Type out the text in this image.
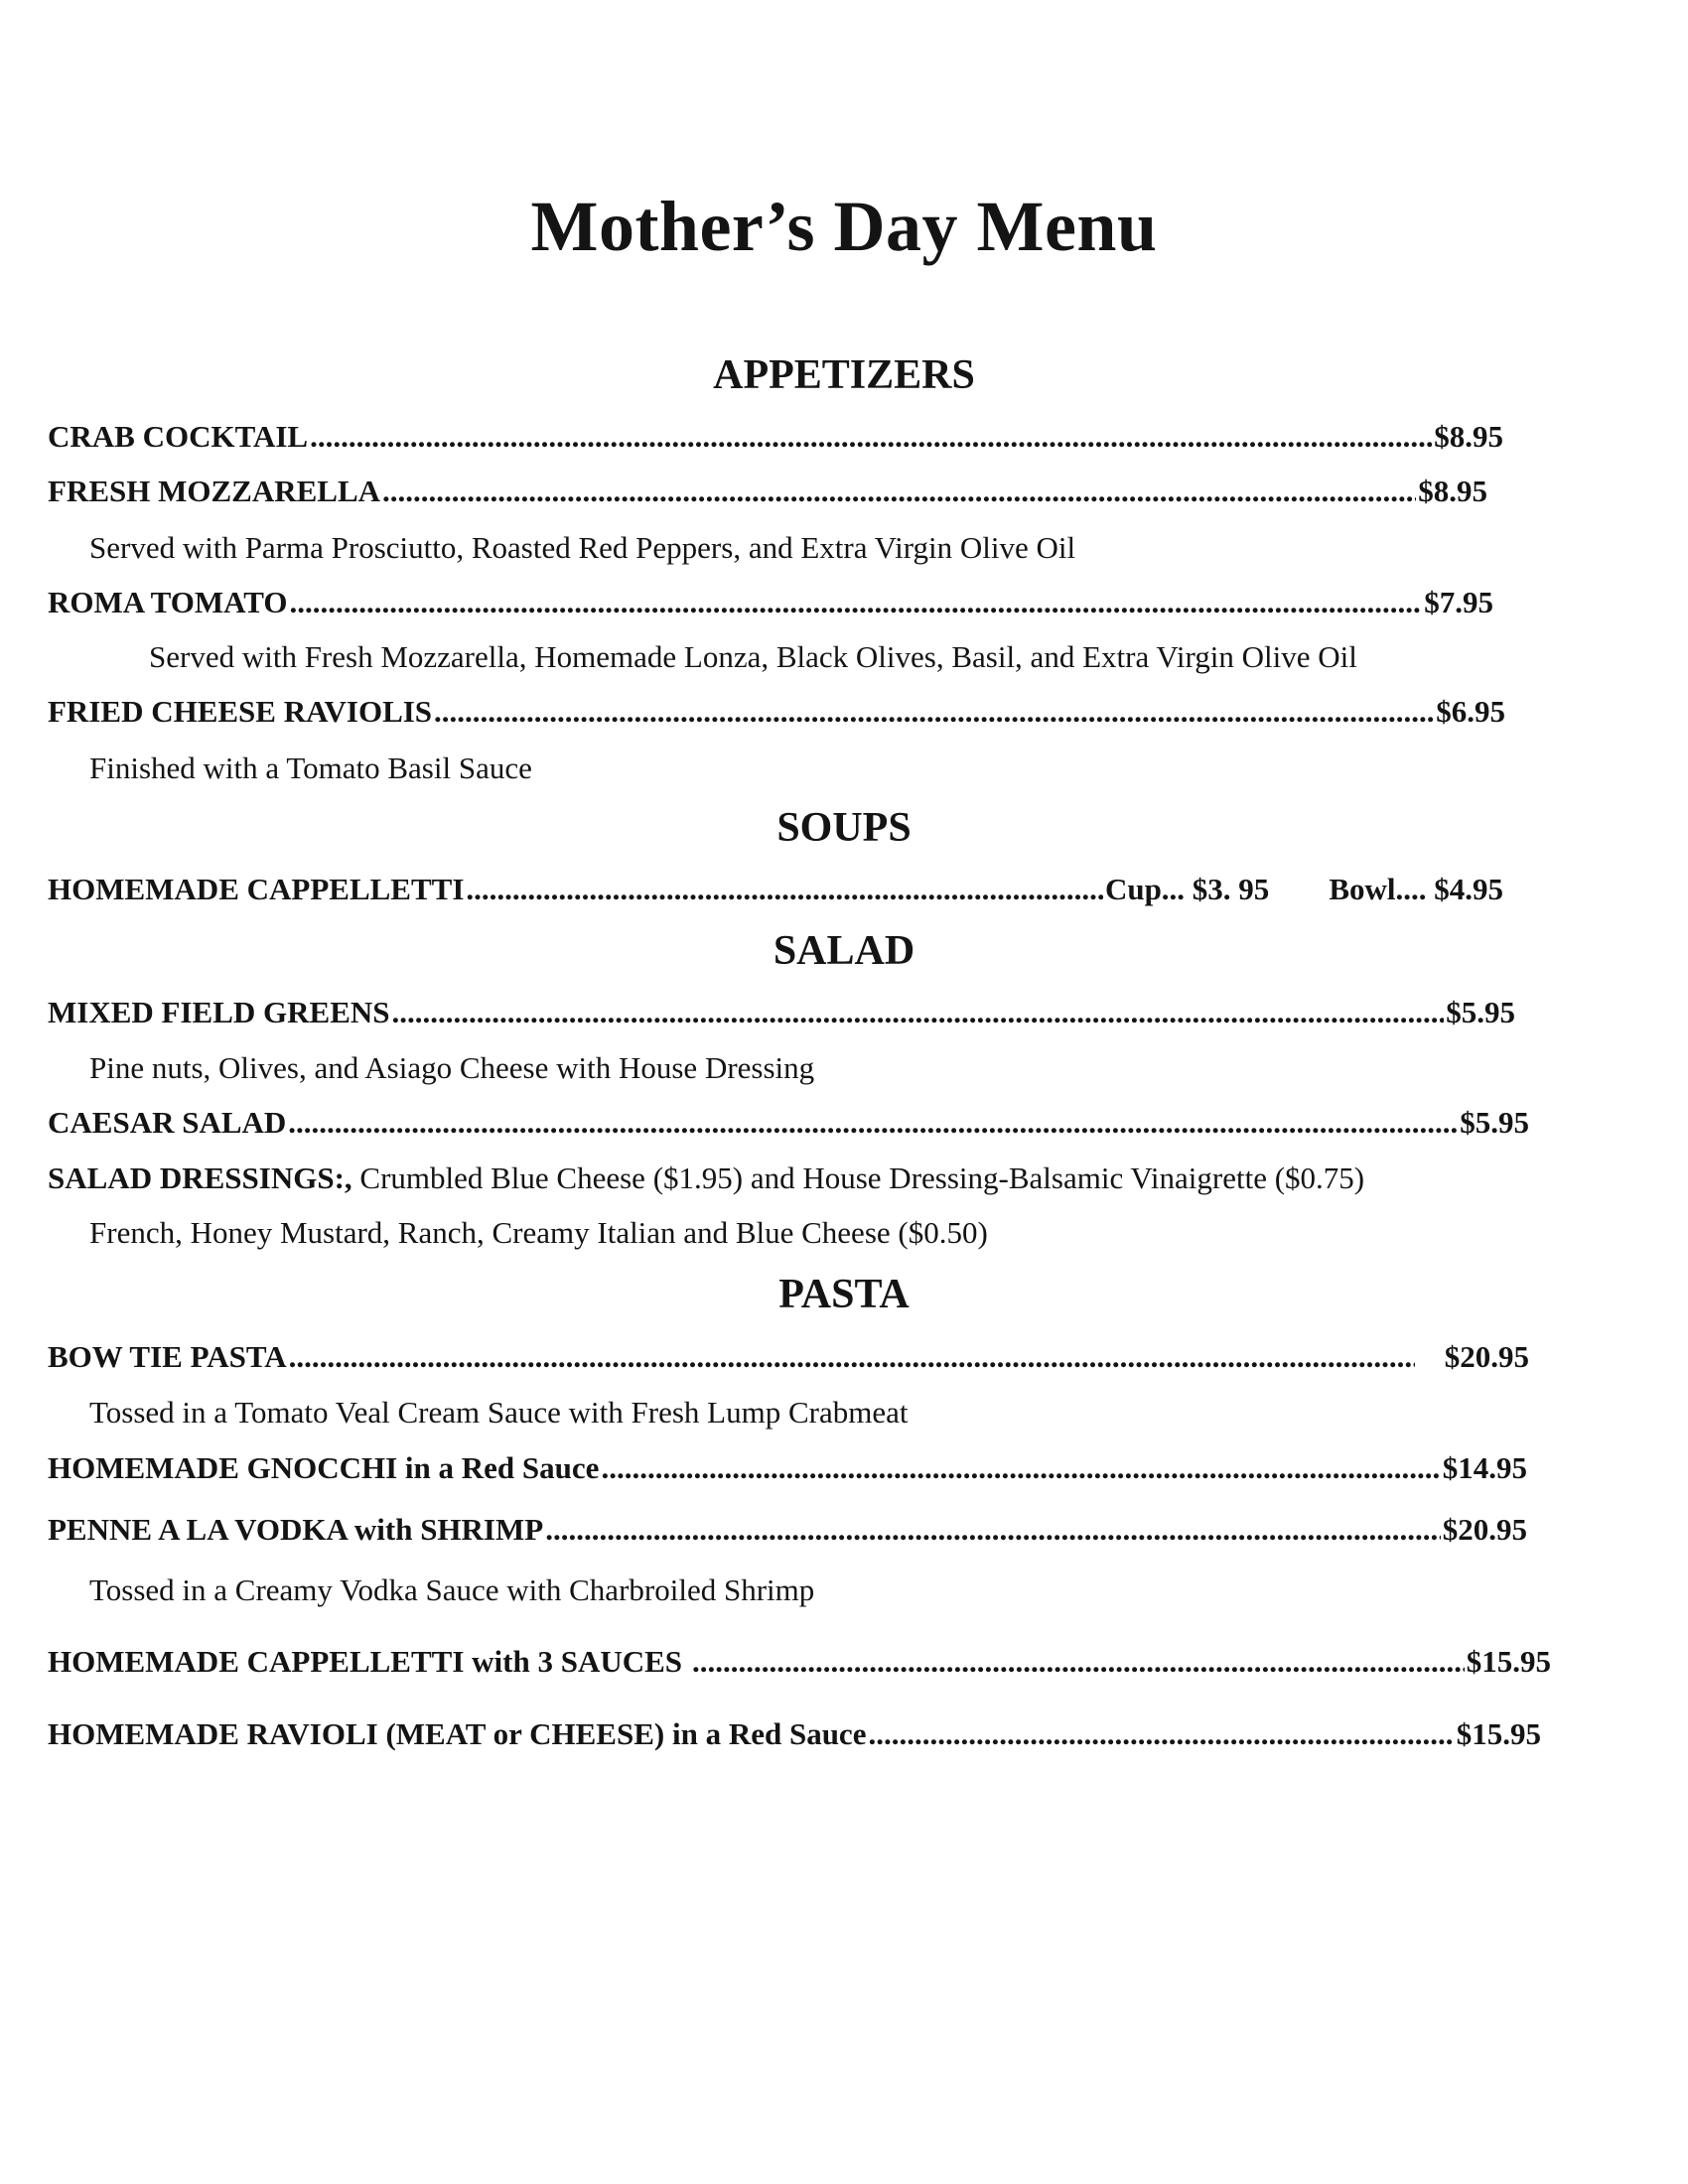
Mother’s Day Menu
APPETIZERS
CRAB COCKTAIL .....	$8.95
FRESH MOZZARELLA .....	$8.95
Served with Parma Prosciutto, Roasted Red Peppers, and Extra Virgin Olive Oil
ROMA TOMATO .....	$7.95
Served with Fresh Mozzarella, Homemade Lonza, Black Olives, Basil, and Extra Virgin Olive Oil
FRIED CHEESE RAVIOLIS .....	$6.95
Finished with a Tomato Basil Sauce
SOUPS
HOMEMADE CAPPELLETTI .....	Cup... $3. 95 Bowl.... $4.95
SALAD
MIXED FIELD GREENS .....	$5.95
Pine nuts, Olives, and Asiago Cheese with House Dressing
CAESAR SALAD .....	$5.95
SALAD DRESSINGS:, Crumbled Blue Cheese ($1.95) and House Dressing-Balsamic Vinaigrette ($0.75)
French, Honey Mustard, Ranch, Creamy Italian and Blue Cheese ($0.50)
PASTA
BOW TIE PASTA .....	$20.95
Tossed in a Tomato Veal Cream Sauce with Fresh Lump Crabmeat
HOMEMADE GNOCCHI in a Red Sauce .....	$14.95
PENNE A LA VODKA with SHRIMP .....	$20.95
Tossed in a Creamy Vodka Sauce with Charbroiled Shrimp
HOMEMADE CAPPELLETTI with 3 SAUCES .....	$15.95
HOMEMADE RAVIOLI (MEAT or CHEESE) in a Red Sauce .....	$15.95
